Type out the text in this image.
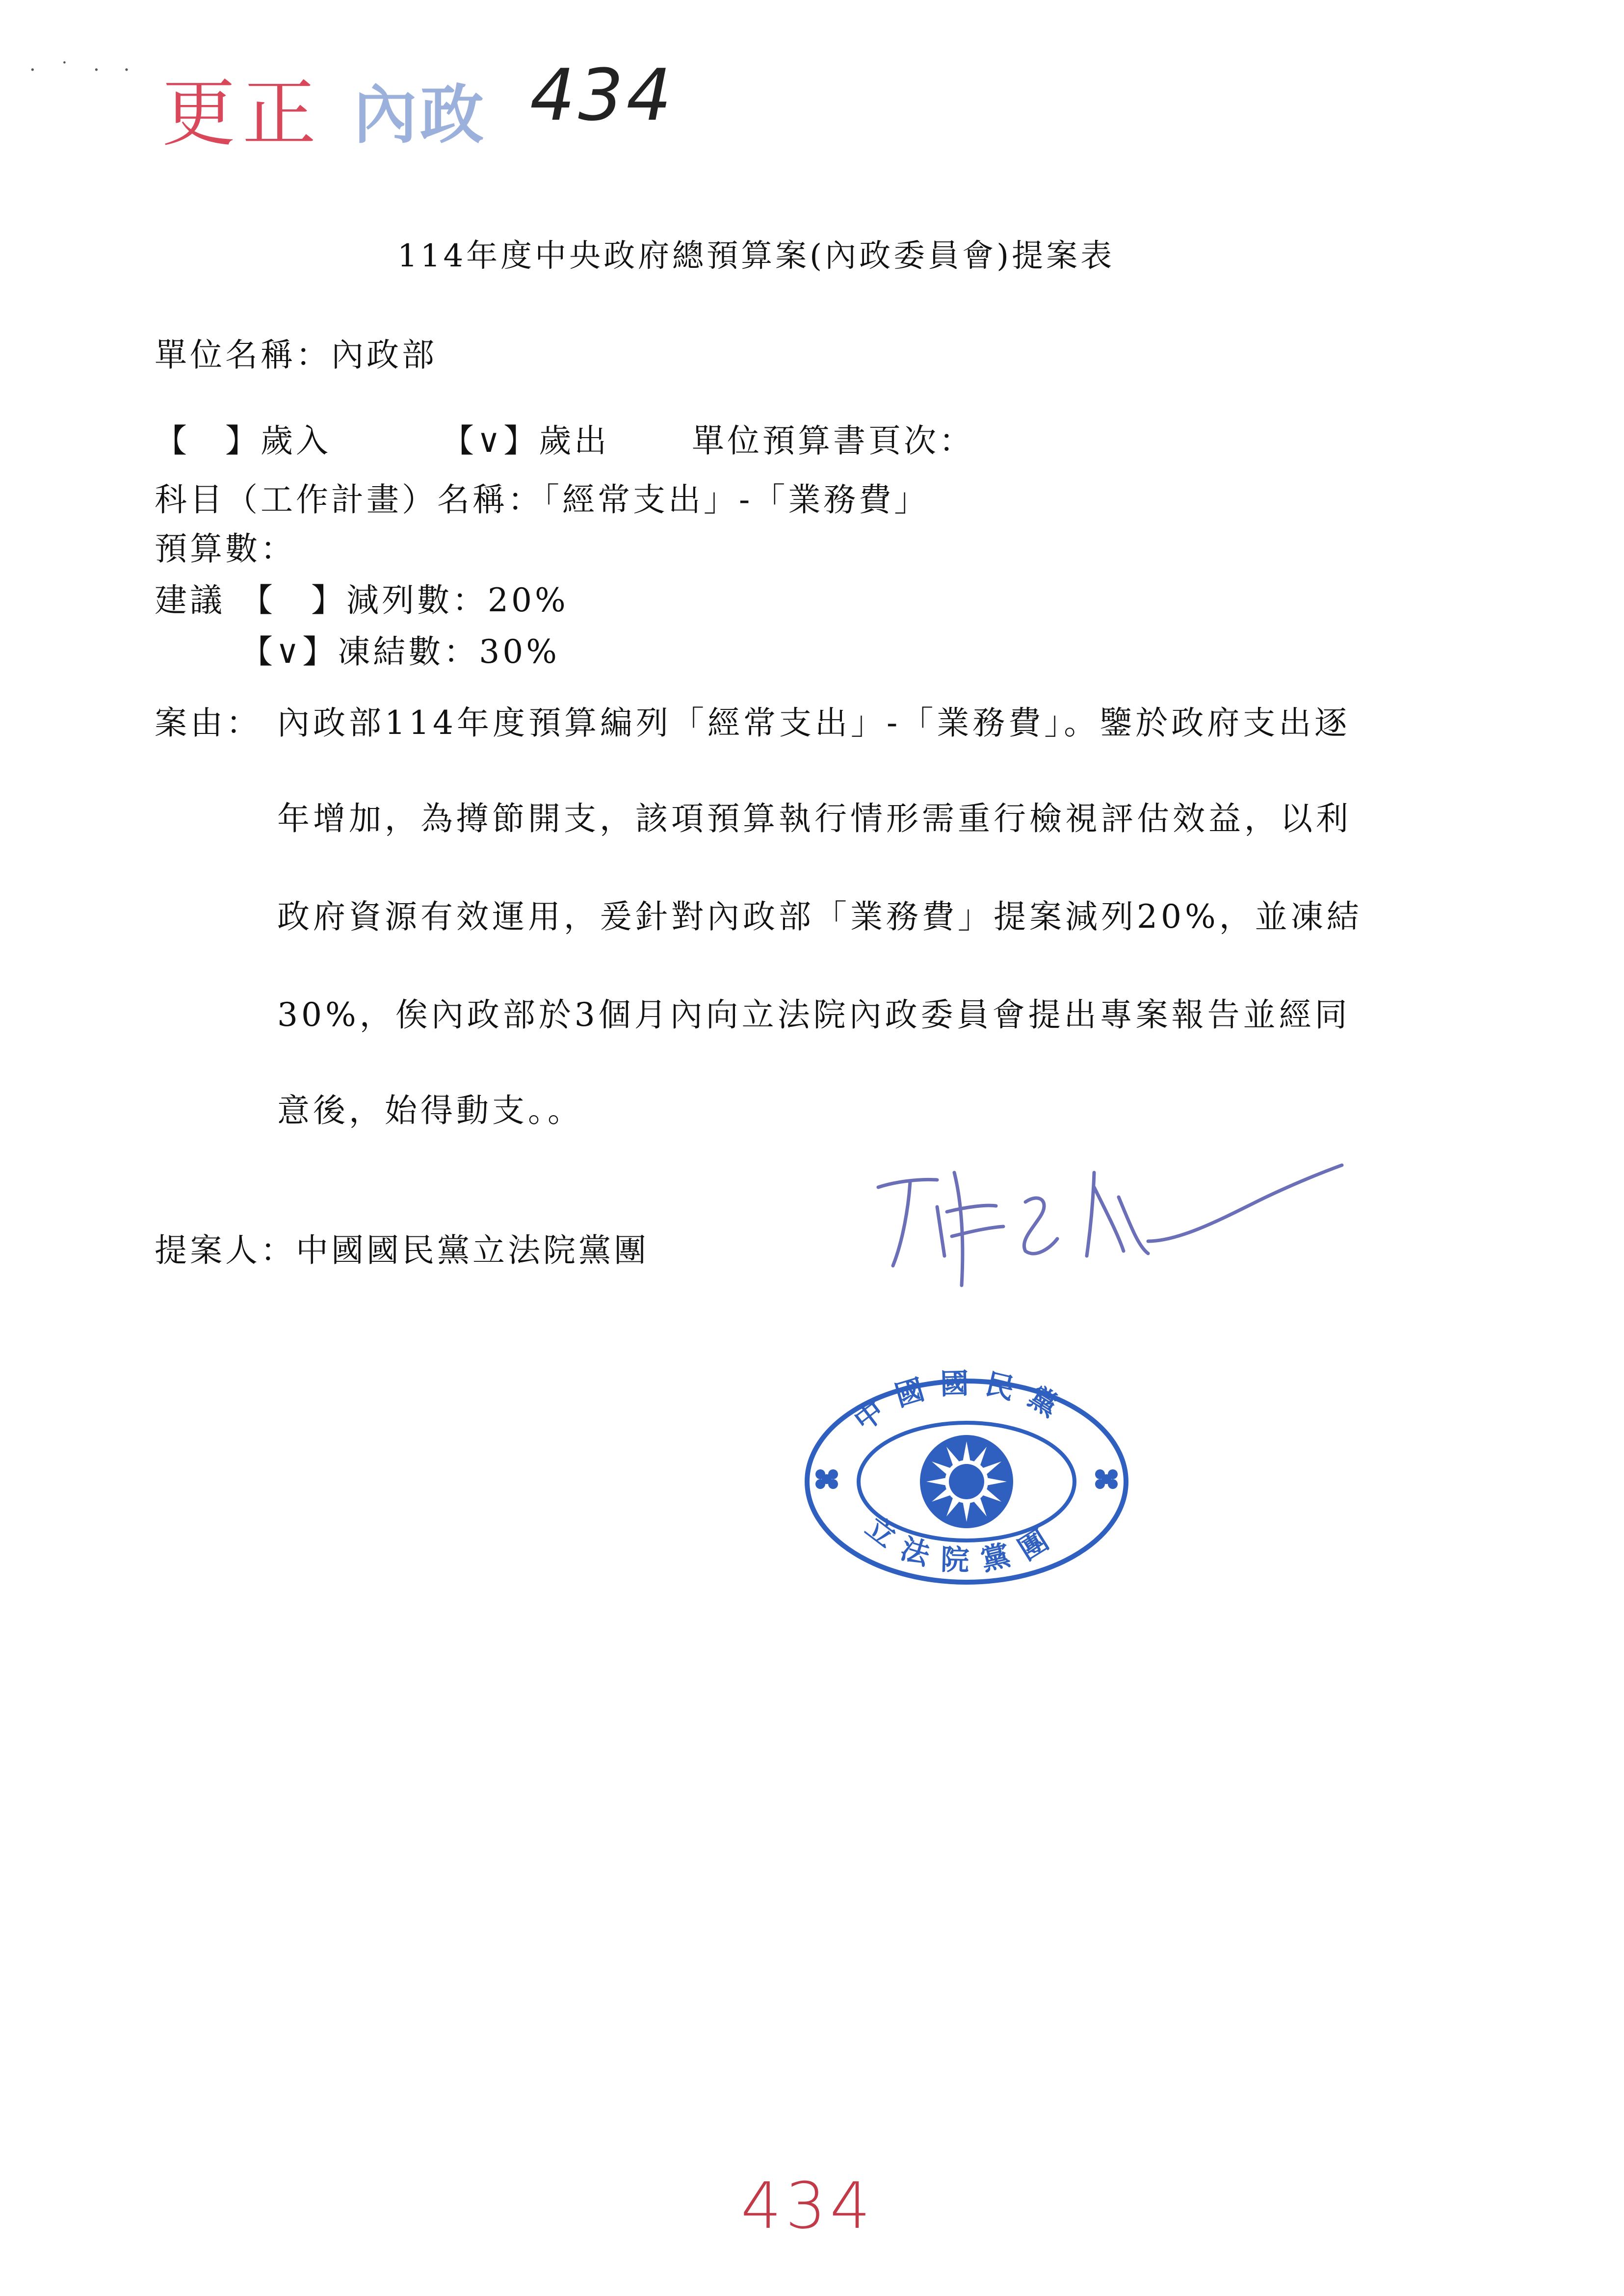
· ˙ · ·
更正 內政 434
114年度中央政府總預算案(內政委員會)提案表
單位名稱：內政部
【　】歲入	【∨】歲出	單位預算書頁次：
科目（工作計畫）名稱：「經常支出」-「業務費」
預算數：
建議 【　】減列數：20%
【∨】凍結數：30%
案由： 內政部114年度預算編列「經常支出」-「業務費」。鑒於政府支出逐
年增加，為撙節開支，該項預算執行情形需重行檢視評估效益，以利
政府資源有效運用，爰針對內政部「業務費」提案減列20%，並凍結
30%，俟內政部於3個月內向立法院內政委員會提出專案報告並經同
意後，始得動支。。
提案人：中國國民黨立法院黨團
中國國民黨
立法院黨團
434
